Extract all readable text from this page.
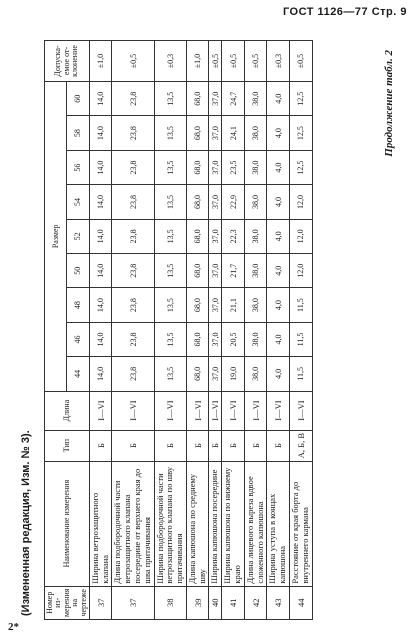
ГОСТ 1126—77 Стр. 9
(Измененная редакция, Изм. № 3).	Номер из-мерения на чертеже	Наименование измерения	Тип	Длина	Размер									Допуска-емое от-клонение
				44	46	48	50	52	54	56	58	60	
37	Ширина ветрозащитного клапана	Б	I—VI	14,0	14,0	14,0	14,0	14,0	14,0	14,0	14,0	14,0	±1,0
37	Длина подбородочной части ветрозащитного клапана посередине от верхнего края до шва притачивания	Б	I—VI	23,8	23,8	23,8	23,8	23,8	23,8	23,8	23,8	23,8	±0,5
38	Ширина подбородочной части ветрозащитного клапана по шву притачивания	Б	I—VI	13,5	13,5	13,5	13,5	13,5	13,5	13,5	13,5	13,5	±0,3
39	Длина капюшона по среднему шву	Б	I—VI	68,0	68,0	68,0	68,0	68,0	68,0	68,0	68,0	68,0	±1,0
40	Ширина капюшона посередине	Б	I—VI	37,0	37,0	37,0	37,0	37,0	37,0	37,0	37,0	37,0	±0,5
41	Ширина капюшона по нижнему краю	Б	I—VI	19,0	20,5	21,1	21,7	22,3	22,9	23,5	24,1	24,7	±0,5
42	Длина лицевого выреза вдвое сложенного капюшона	Б	I—VI	38,0	38,0	38,0	38,0	38,0	38,0	38,0	38,0	38,0	±0,5
43	Ширина уступа в концах капюшона	Б	I—VI	4,0	4,0	4,0	4,0	4,0	4,0	4,0	4,0	4,0	±0,3
44	Расстояние от края борта до внутреннего кармана	А, Б, В	I—VI	11,5	11,5	11,5	12,0	12,0	12,0	12,5	12,5	12,5	±0,5	Продолжение табл. 2
2*
